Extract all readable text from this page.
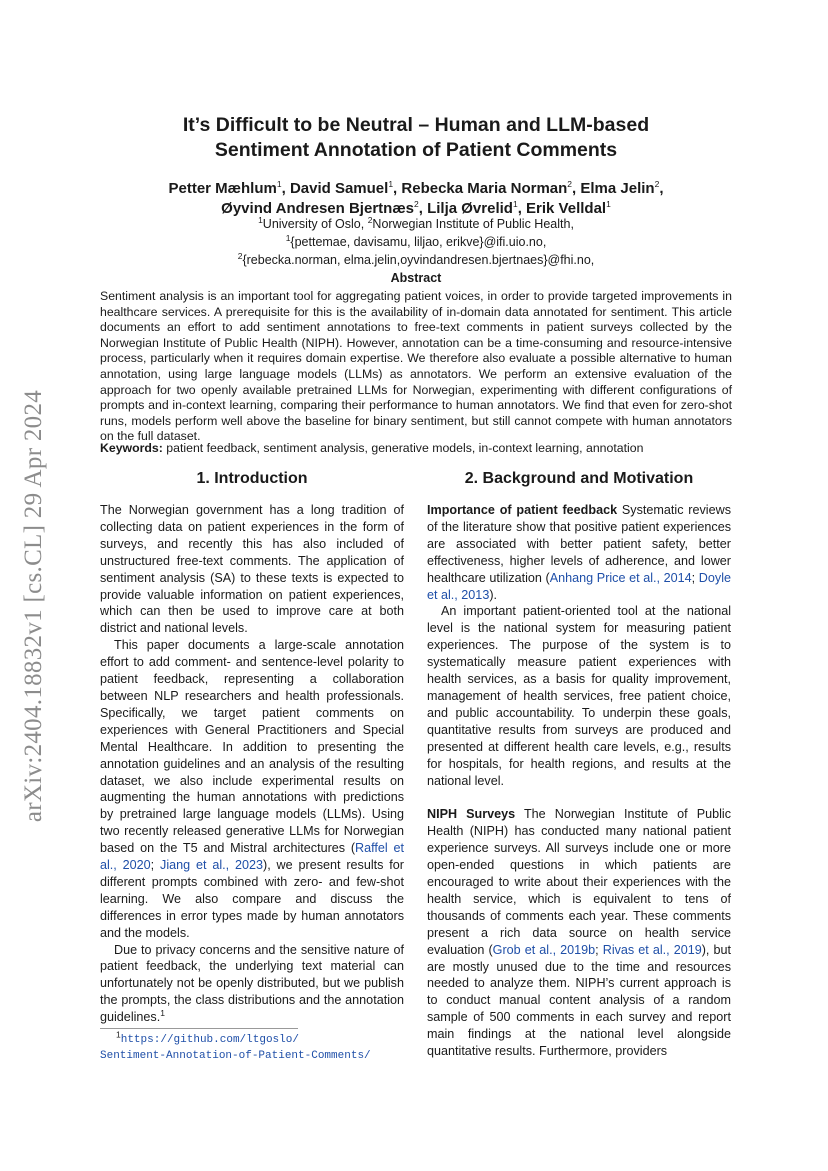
arXiv:2404.18832v1 [cs.CL] 29 Apr 2024
It’s Difficult to be Neutral – Human and LLM-based
Sentiment Annotation of Patient Comments
Petter Mæhlum$^1$, David Samuel$^1$, Rebecka Maria Norman$^2$, Elma Jelin$^2$,
Øyvind Andresen Bjertnæs$^2$, Lilja Øvrelid$^1$, Erik Velldal$^1$
$^1$University of Oslo, $^2$Norwegian Institute of Public Health,
$^1${pettemae, davisamu, liljao, erikve}@ifi.uio.no,
$^2${rebecka.norman, elma.jelin,oyvindandresen.bjertnaes}@fhi.no,
Abstract
Sentiment analysis is an important tool for aggregating patient voices, in order to provide targeted improvements in healthcare services. A prerequisite for this is the availability of in-domain data annotated for sentiment. This article documents an effort to add sentiment annotations to free-text comments in patient surveys collected by the Norwegian Institute of Public Health (NIPH). However, annotation can be a time-consuming and resource-intensive process, particularly when it requires domain expertise. We therefore also evaluate a possible alternative to human annotation, using large language models (LLMs) as annotators. We perform an extensive evaluation of the approach for two openly available pretrained LLMs for Norwegian, experimenting with different configurations of prompts and in-context learning, comparing their performance to human annotators. We find that even for zero-shot runs, models perform well above the baseline for binary sentiment, but still cannot compete with human annotators on the full dataset.
Keywords: patient feedback, sentiment analysis, generative models, in-context learning, annotation
1. Introduction

The Norwegian government has a long tradition of collecting data on patient experiences in the form of surveys, and recently this has also included of unstructured free-text comments. The application of sentiment analysis (SA) to these texts is expected to provide valuable information on patient experiences, which can then be used to improve care at both district and national levels.

This paper documents a large-scale annotation effort to add comment- and sentence-level polarity to patient feedback, representing a collaboration between NLP researchers and health professionals. Specifically, we target patient comments on experiences with General Practitioners and Special Mental Healthcare. In addition to presenting the annotation guidelines and an analysis of the resulting dataset, we also include experimental results on augmenting the human annotations with predictions by pretrained large language models (LLMs). Using two recently released generative LLMs for Norwegian based on the T5 and Mistral architectures (Raffel et al., 2020; Jiang et al., 2023), we present results for different prompts combined with zero- and few-shot learning. We also compare and discuss the differences in error types made by human annotators and the models.

Due to privacy concerns and the sensitive nature of patient feedback, the underlying text material can unfortunately not be openly distributed, but we publish the prompts, the class distributions and the annotation guidelines.$^1$

$^1$https://github.com/ltgoslo/
Sentiment-Annotation-of-Patient-Comments/
2. Background and Motivation

Importance of patient feedback Systematic reviews of the literature show that positive patient experiences are associated with better patient safety, better effectiveness, higher levels of adherence, and lower healthcare utilization (Anhang Price et al., 2014; Doyle et al., 2013).

An important patient-oriented tool at the national level is the national system for measuring patient experiences. The purpose of the system is to systematically measure patient experiences with health services, as a basis for quality improvement, management of health services, free patient choice, and public accountability. To underpin these goals, quantitative results from surveys are produced and presented at different health care levels, e.g., results for hospitals, for health regions, and results at the national level.

NIPH Surveys The Norwegian Institute of Public Health (NIPH) has conducted many national patient experience surveys. All surveys include one or more open-ended questions in which patients are encouraged to write about their experiences with the health service, which is equivalent to tens of thousands of comments each year. These comments present a rich data source on health service evaluation (Grob et al., 2019b; Rivas et al., 2019), but are mostly unused due to the time and resources needed to analyze them. NIPH’s current approach is to conduct manual content analysis of a random sample of 500 comments in each survey and report main findings at the national level alongside quantitative results. Furthermore, providers
